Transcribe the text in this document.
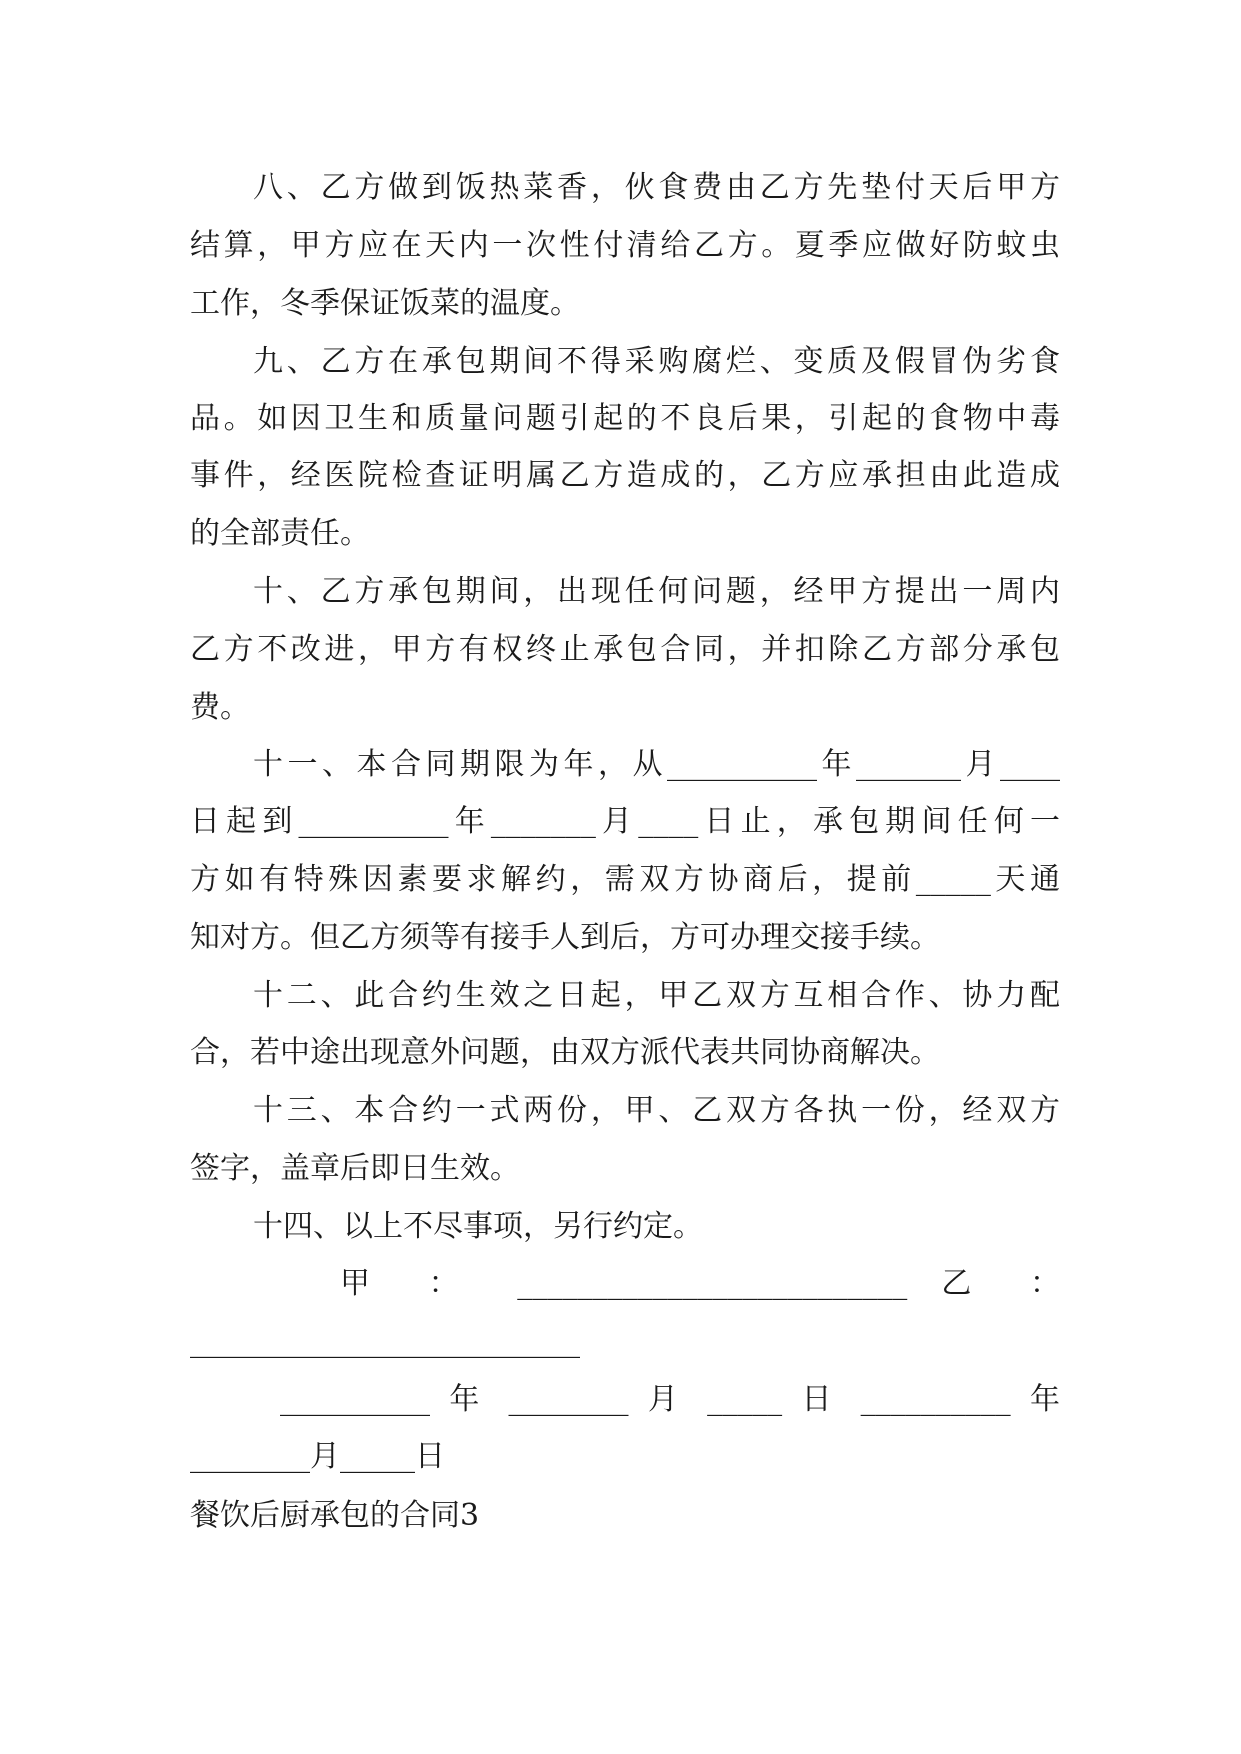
八、乙方做到饭热菜香，伙食费由乙方先垫付天后甲方
结算，甲方应在天内一次性付清给乙方。夏季应做好防蚊虫
工作，冬季保证饭菜的温度。
九、乙方在承包期间不得采购腐烂、变质及假冒伪劣食
品。如因卫生和质量问题引起的不良后果，引起的食物中毒
事件，经医院检查证明属乙方造成的，乙方应承担由此造成
的全部责任。
十、乙方承包期间，出现任何问题，经甲方提出一周内
乙方不改进，甲方有权终止承包合同，并扣除乙方部分承包
费。
十一、本合同期限为年，从__________年_______月____
日起到__________年_______月____日止，承包期间任何一
方如有特殊因素要求解约，需双方协商后，提前_____天通
知对方。但乙方须等有接手人到后，方可办理交接手续。
十二、此合约生效之日起，甲乙双方互相合作、协力配
合，若中途出现意外问题，由双方派代表共同协商解决。
十三、本合约一式两份，甲、乙双方各执一份，经双方
签字，盖章后即日生效。
十四、以上不尽事项，另行约定。
甲 ： __________________________ 乙 ：
__________________________
__________ 年 ________ 月 _____ 日 __________ 年
________月_____日
餐饮后厨承包的合同3
